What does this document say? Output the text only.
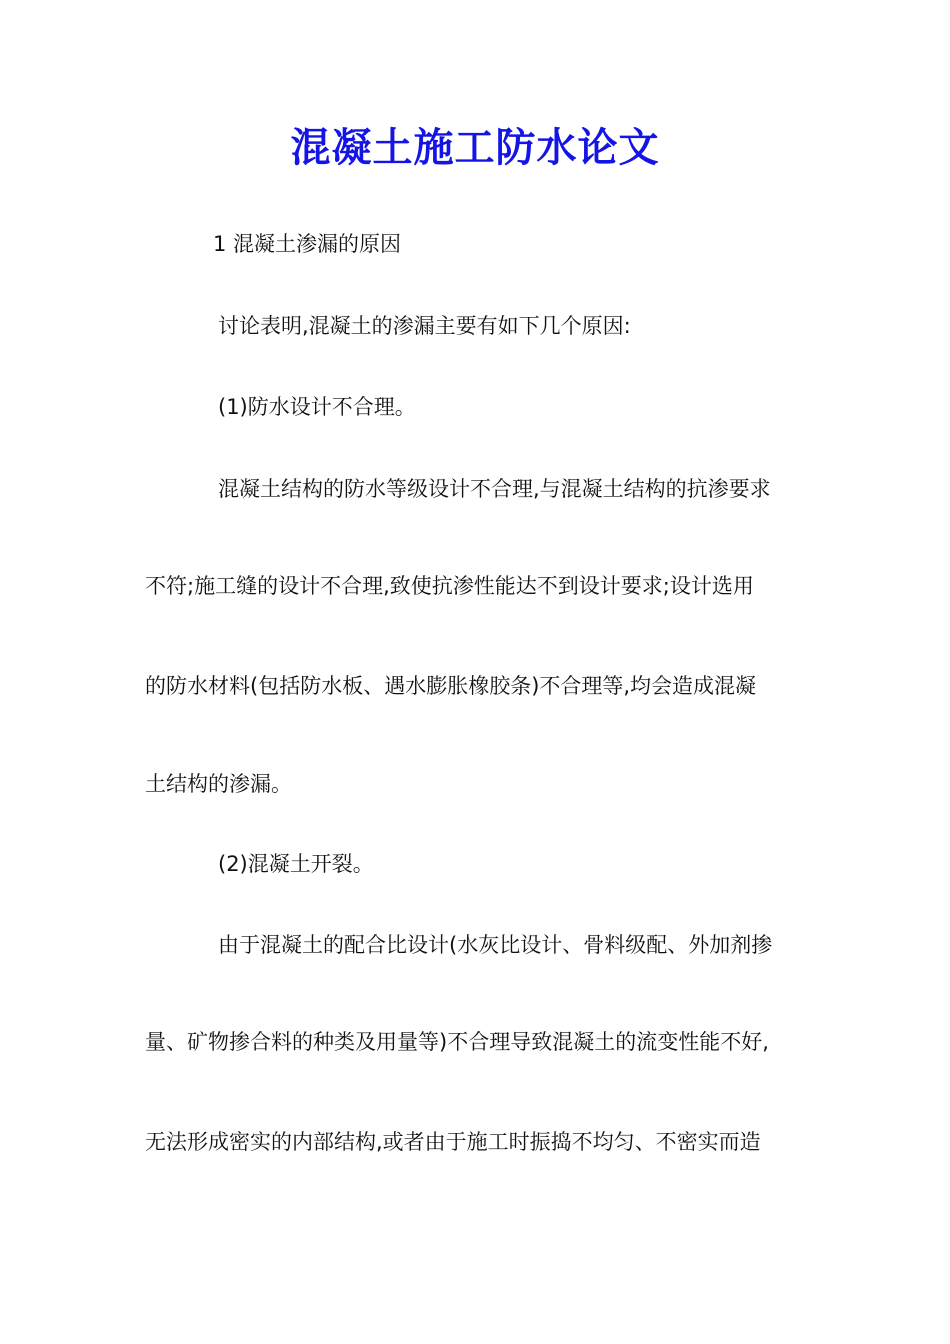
混凝土施工防水论文
1 混凝土渗漏的原因
讨论表明,混凝土的渗漏主要有如下几个原因:
(1)防水设计不合理。
混凝土结构的防水等级设计不合理,与混凝土结构的抗渗要求
不符;施工缝的设计不合理,致使抗渗性能达不到设计要求;设计选用
的防水材料(包括防水板、遇水膨胀橡胶条)不合理等,均会造成混凝
土结构的渗漏。
(2)混凝土开裂。
由于混凝土的配合比设计(水灰比设计、骨料级配、外加剂掺
量、矿物掺合料的种类及用量等)不合理导致混凝土的流变性能不好,
无法形成密实的内部结构,或者由于施工时振捣不均匀、不密实而造
